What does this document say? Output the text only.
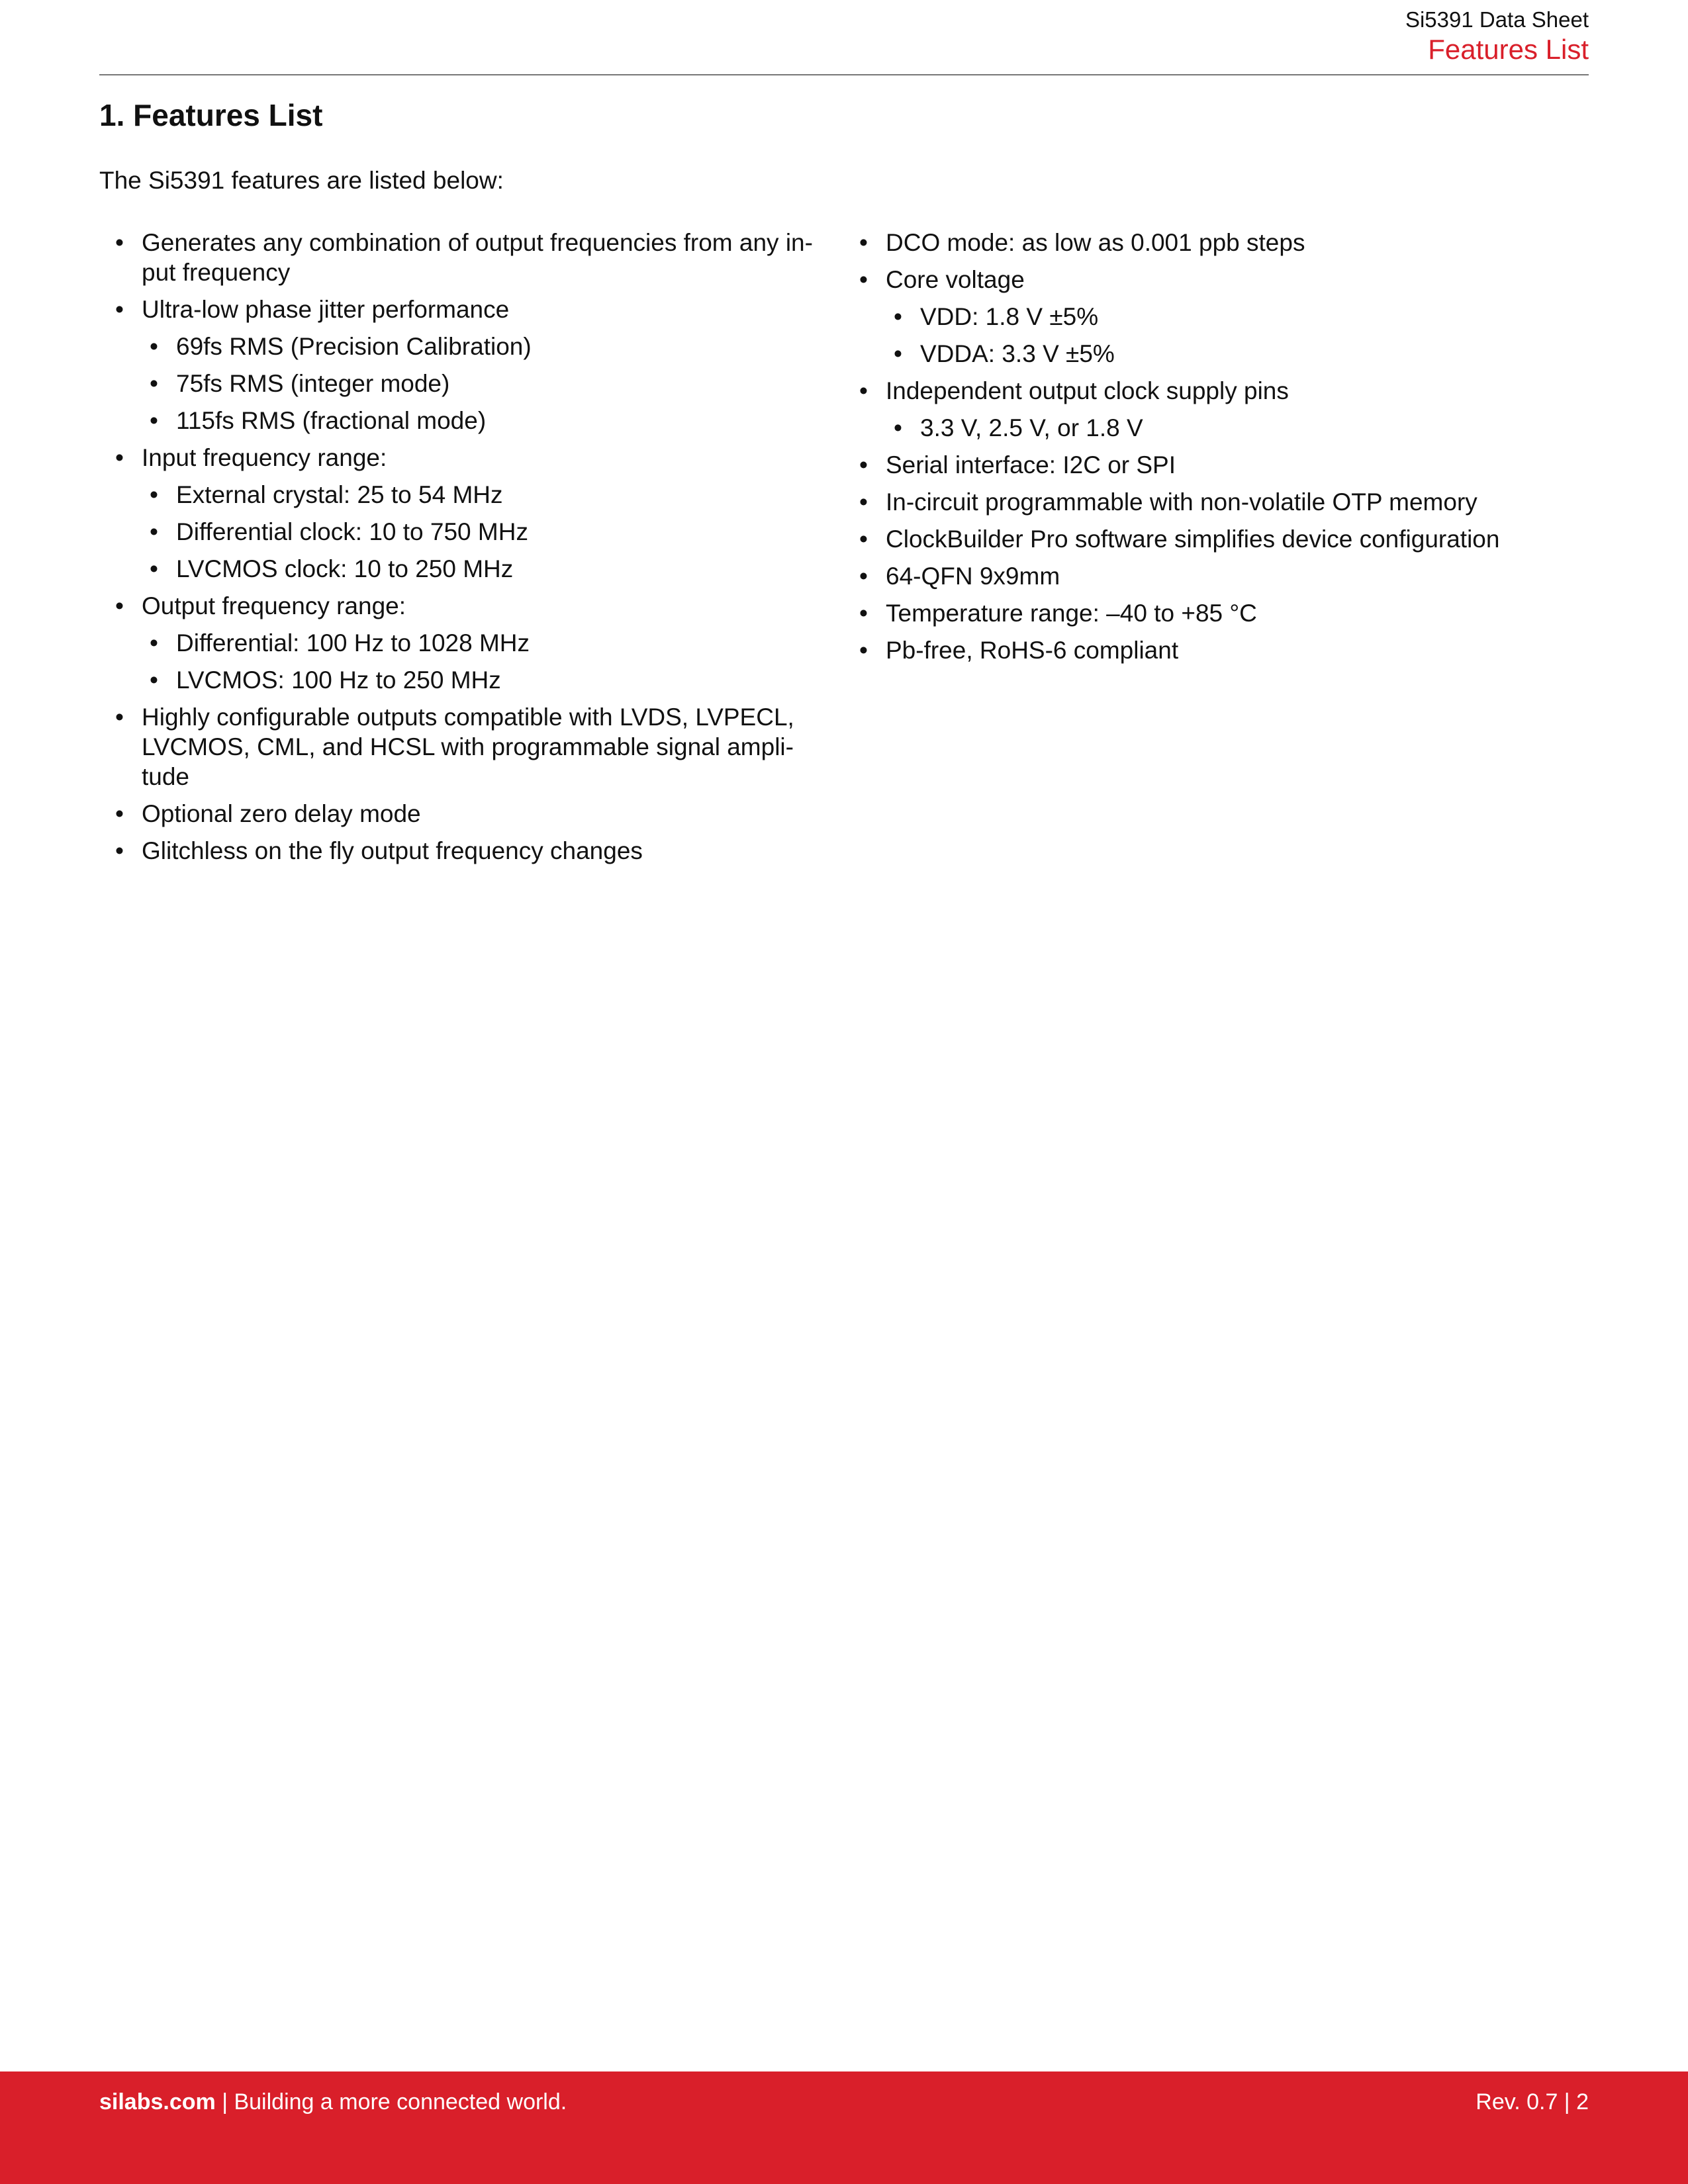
Si5391 Data Sheet
Features List
1. Features List

The Si5391 features are listed below:

• Generates any combination of output frequencies from any in-put frequency
• Ultra-low phase jitter performance
• 69fs RMS (Precision Calibration)
• 75fs RMS (integer mode)
• 115fs RMS (fractional mode)
• Input frequency range:
• External crystal: 25 to 54 MHz
• Differential clock: 10 to 750 MHz
• LVCMOS clock: 10 to 250 MHz
• Output frequency range:
• Differential: 100 Hz to 1028 MHz
• LVCMOS: 100 Hz to 250 MHz
• Highly configurable outputs compatible with LVDS, LVPECL, LVCMOS, CML, and HCSL with programmable signal ampli-tude
• Optional zero delay mode
• Glitchless on the fly output frequency changes
• DCO mode: as low as 0.001 ppb steps
• Core voltage
• VDD: 1.8 V ±5%
• VDDA: 3.3 V ±5%
• Independent output clock supply pins
• 3.3 V, 2.5 V, or 1.8 V
• Serial interface: I2C or SPI
• In-circuit programmable with non-volatile OTP memory
• ClockBuilder Pro software simplifies device configuration
• 64-QFN 9x9mm
• Temperature range: –40 to +85 °C
• Pb-free, RoHS-6 compliant
silabs.com | Building a more connected world.	Rev. 0.7 | 2
